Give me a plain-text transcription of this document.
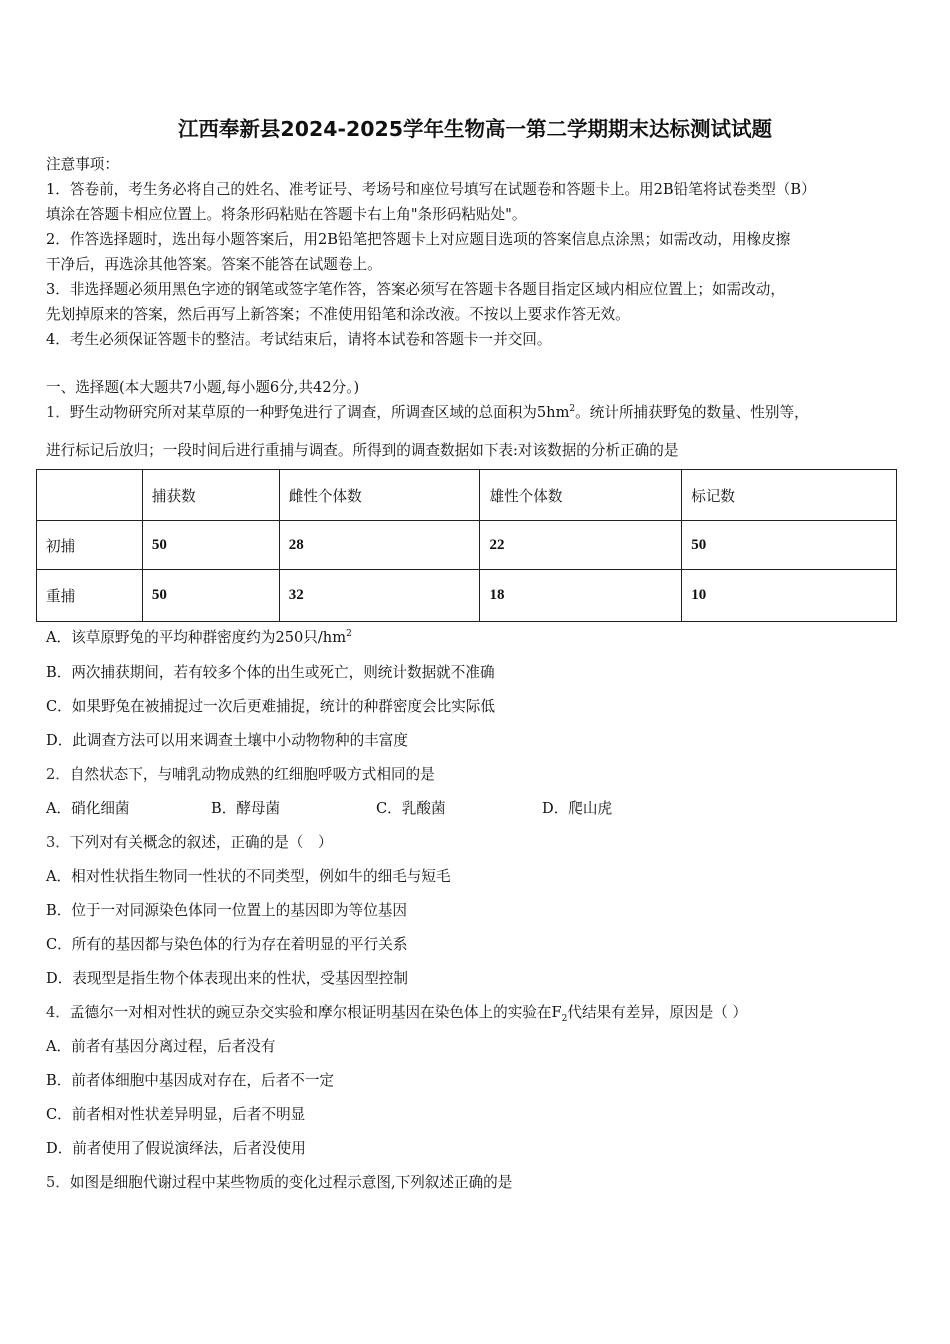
江西奉新县2024-2025学年生物高一第二学期期末达标测试试题
注意事项：
1．答卷前，考生务必将自己的姓名、准考证号、考场号和座位号填写在试题卷和答题卡上。用2B铅笔将试卷类型（B）
填涂在答题卡相应位置上。将条形码粘贴在答题卡右上角"条形码粘贴处"。
2．作答选择题时，选出每小题答案后，用2B铅笔把答题卡上对应题目选项的答案信息点涂黑；如需改动，用橡皮擦
干净后，再选涂其他答案。答案不能答在试题卷上。
3．非选择题必须用黑色字迹的钢笔或签字笔作答，答案必须写在答题卡各题目指定区域内相应位置上；如需改动，
先划掉原来的答案，然后再写上新答案；不准使用铅笔和涂改液。不按以上要求作答无效。
4．考生必须保证答题卡的整洁。考试结束后，请将本试卷和答题卡一并交回。
一、选择题(本大题共7小题,每小题6分,共42分。)
1．野生动物研究所对某草原的一种野兔进行了调查，所调查区域的总面积为$5hm^2$。统计所捕获野兔的数量、性别等，
进行标记后放归；一段时间后进行重捕与调查。所得到的调查数据如下表:对该数据的分析正确的是
	捕获数	雌性个体数	雄性个体数	标记数
初捕	50	28	22	50
重捕	50	32	18	10
A．该草原野兔的平均种群密度约为250只$/hm^2$
B．两次捕获期间，若有较多个体的出生或死亡，则统计数据就不准确
C．如果野兔在被捕捉过一次后更难捕捉，统计的种群密度会比实际低
D．此调查方法可以用来调查土壤中小动物物种的丰富度
2．自然状态下，与哺乳动物成熟的红细胞呼吸方式相同的是
A．硝化细菌	B．酵母菌	C．乳酸菌	D．爬山虎
3．下列对有关概念的叙述，正确的是（　）
A．相对性状指生物同一性状的不同类型，例如牛的细毛与短毛
B．位于一对同源染色体同一位置上的基因即为等位基因
C．所有的基因都与染色体的行为存在着明显的平行关系
D．表现型是指生物个体表现出来的性状，受基因型控制
4．孟德尔一对相对性状的豌豆杂交实验和摩尔根证明基因在染色体上的实验在$F_2$代结果有差异，原因是（ ）
A．前者有基因分离过程，后者没有
B．前者体细胞中基因成对存在，后者不一定
C．前者相对性状差异明显，后者不明显
D．前者使用了假说演绎法，后者没使用
5．如图是细胞代谢过程中某些物质的变化过程示意图,下列叙述正确的是
